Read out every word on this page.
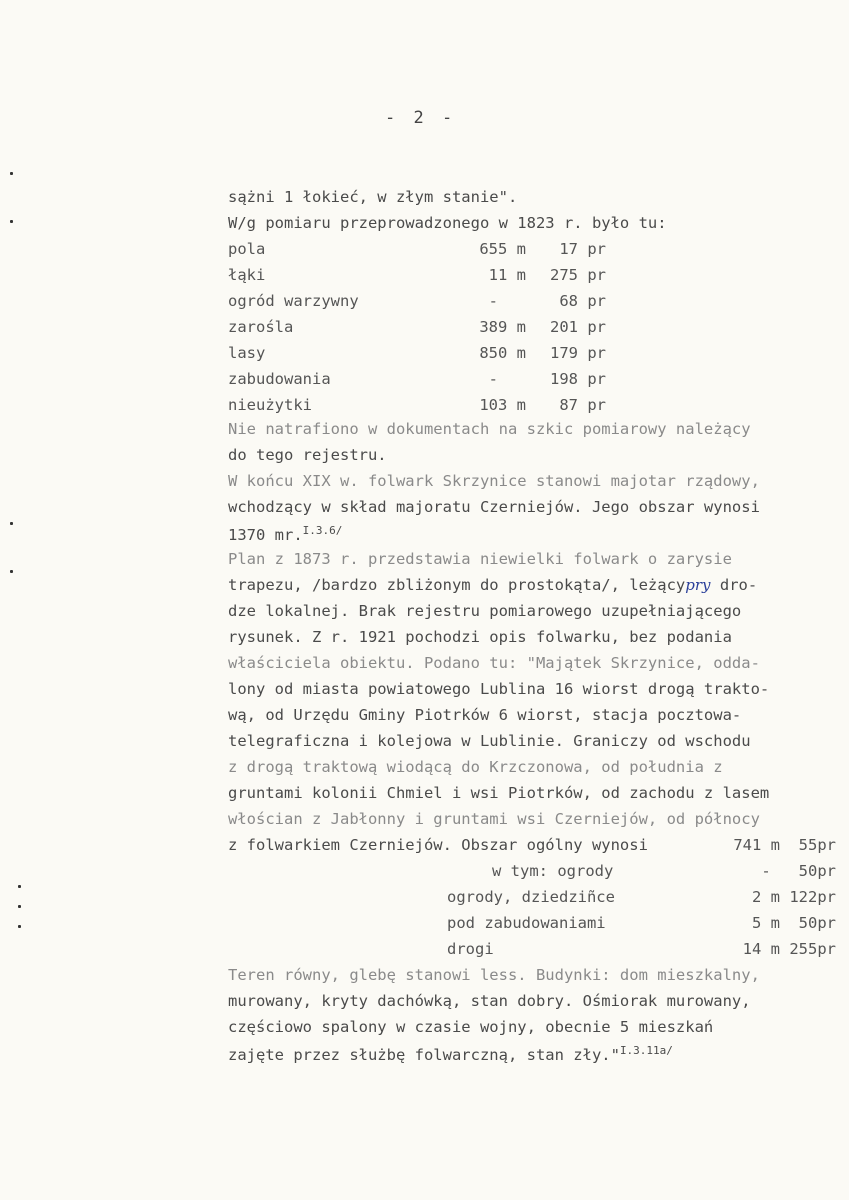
- 2 -
sążni 1 łokieć, w złym stanie".
W/g pomiaru przeprowadzonego w 1823 r. było tu:
pola	655 m	17 pr
łąki	11 m	275 pr
ogród warzywny	-	68 pr
zarośla	389 m	201 pr
lasy	850 m	179 pr
zabudowania	-	198 pr
nieużytki	103 m	87 pr
Nie natrafiono w dokumentach na szkic pomiarowy należący
do tego rejestru.
W końcu XIX w. folwark Skrzynice stanowi majotar rządowy,
wchodzący w skład majoratu Czerniejów. Jego obszar wynosi
1370 mr.$^{I.3.6/}$
Plan z 1873 r. przedstawia niewielki folwark o zarysie
trapezu, /bardzo zbliżonym do prostokąta/, leżącypry dro-
dze lokalnej. Brak rejestru pomiarowego uzupełniającego
rysunek. Z r. 1921 pochodzi opis folwarku, bez podania
właściciela obiektu. Podano tu: "Majątek Skrzynice, odda-
lony od miasta powiatowego Lublina 16 wiorst drogą trakto-
wą, od Urzędu Gminy Piotrków 6 wiorst, stacja pocztowa-
telegraficzna i kolejowa w Lublinie. Graniczy od wschodu
z drogą traktową wiodącą do Krzczonowa, od południa z
gruntami kolonii Chmiel i wsi Piotrków, od zachodu z lasem
włościan z Jabłonny i gruntami wsi Czerniejów, od północy
z folwarkiem Czerniejów. Obszar ogólny wynosi	741 m  55pr
w tym: ogrody	-   50pr
ogrody, dziedziñce	2 m 122pr
pod zabudowaniami	5 m  50pr
drogi	14 m 255pr
Teren równy, glebę stanowi less. Budynki: dom mieszkalny,
murowany, kryty dachówką, stan dobry. Ośmiorak murowany,
częściowo spalony w czasie wojny, obecnie 5 mieszkań
zajęte przez służbę folwarczną, stan zły."$^{I.3.11a/}$
